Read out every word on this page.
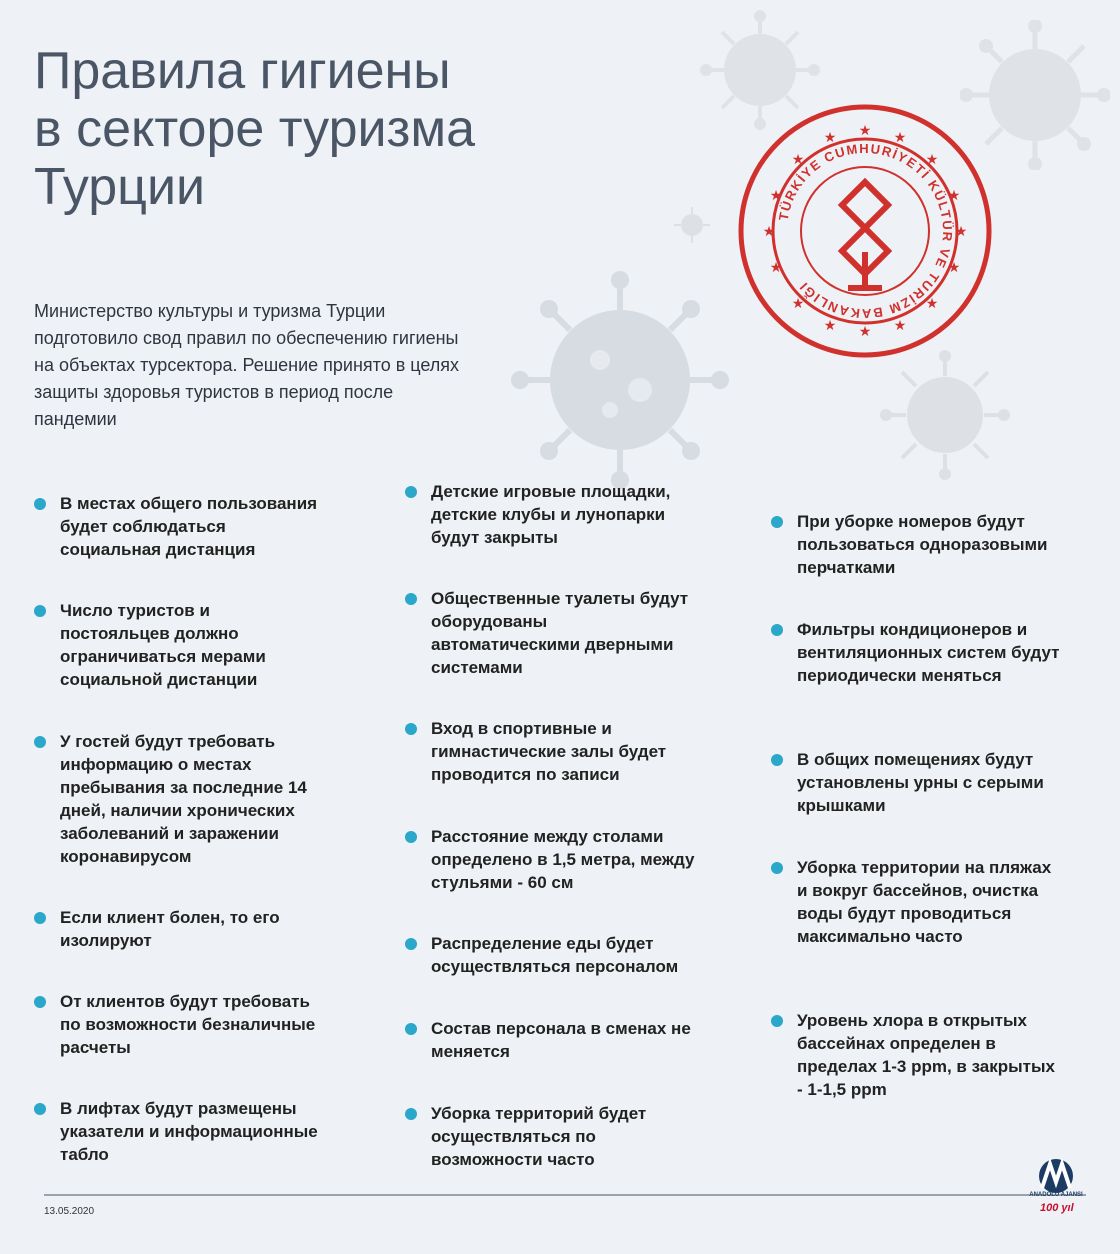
Правила гигиены
в секторе туризма
Турции

Министерство культуры и туризма Турции подготовило свод правил по обеспечению гигиены на объектах турсектора. Решение принято в целях защиты здоровья туристов в период после пандемии

★
★
★
★
★	★
★
★
★	★
★
★
★
★
★
★
TÜRKİYE CUMHURİYETİ KÜLTÜR VE TURİZM BAKANLIĞI
В местах общего пользования будет соблюдаться социальная дистанция
Число туристов и постояльцев должно ограничиваться мерами социальной дистанции
У гостей будут требовать информацию о местах пребывания за последние 14 дней, наличии хронических заболеваний и заражении коронавирусом
Если клиент болен, то его изолируют
От клиентов будут требовать по возможности безналичные расчеты
В лифтах будут размещены указатели и информационные табло
Детские игровые площадки, детские клубы и лунопарки будут закрыты
Общественные туалеты будут оборудованы автоматическими дверными системами
Вход в спортивные и гимнастические залы будет проводится по записи
Расстояние между столами определено в 1,5 метра, между стульями - 60 см
Распределение еды будет осуществляться персоналом
Состав персонала в сменах не меняется
Уборка территорий будет осуществляться по возможности часто
При уборке номеров будут пользоваться одноразовыми перчатками
Фильтры кондиционеров и вентиляционных систем будут периодически меняться
В общих помещениях будут установлены урны с серыми крышками
Уборка территории на пляжах и вокруг бассейнов, очистка воды будут проводиться максимально часто
Уровень хлора в открытых бассейнах определен в пределах 1-3 ppm, в закрытых - 1-1,5 ppm
13.05.2020
ANADOLU AJANSI
100 yıl
